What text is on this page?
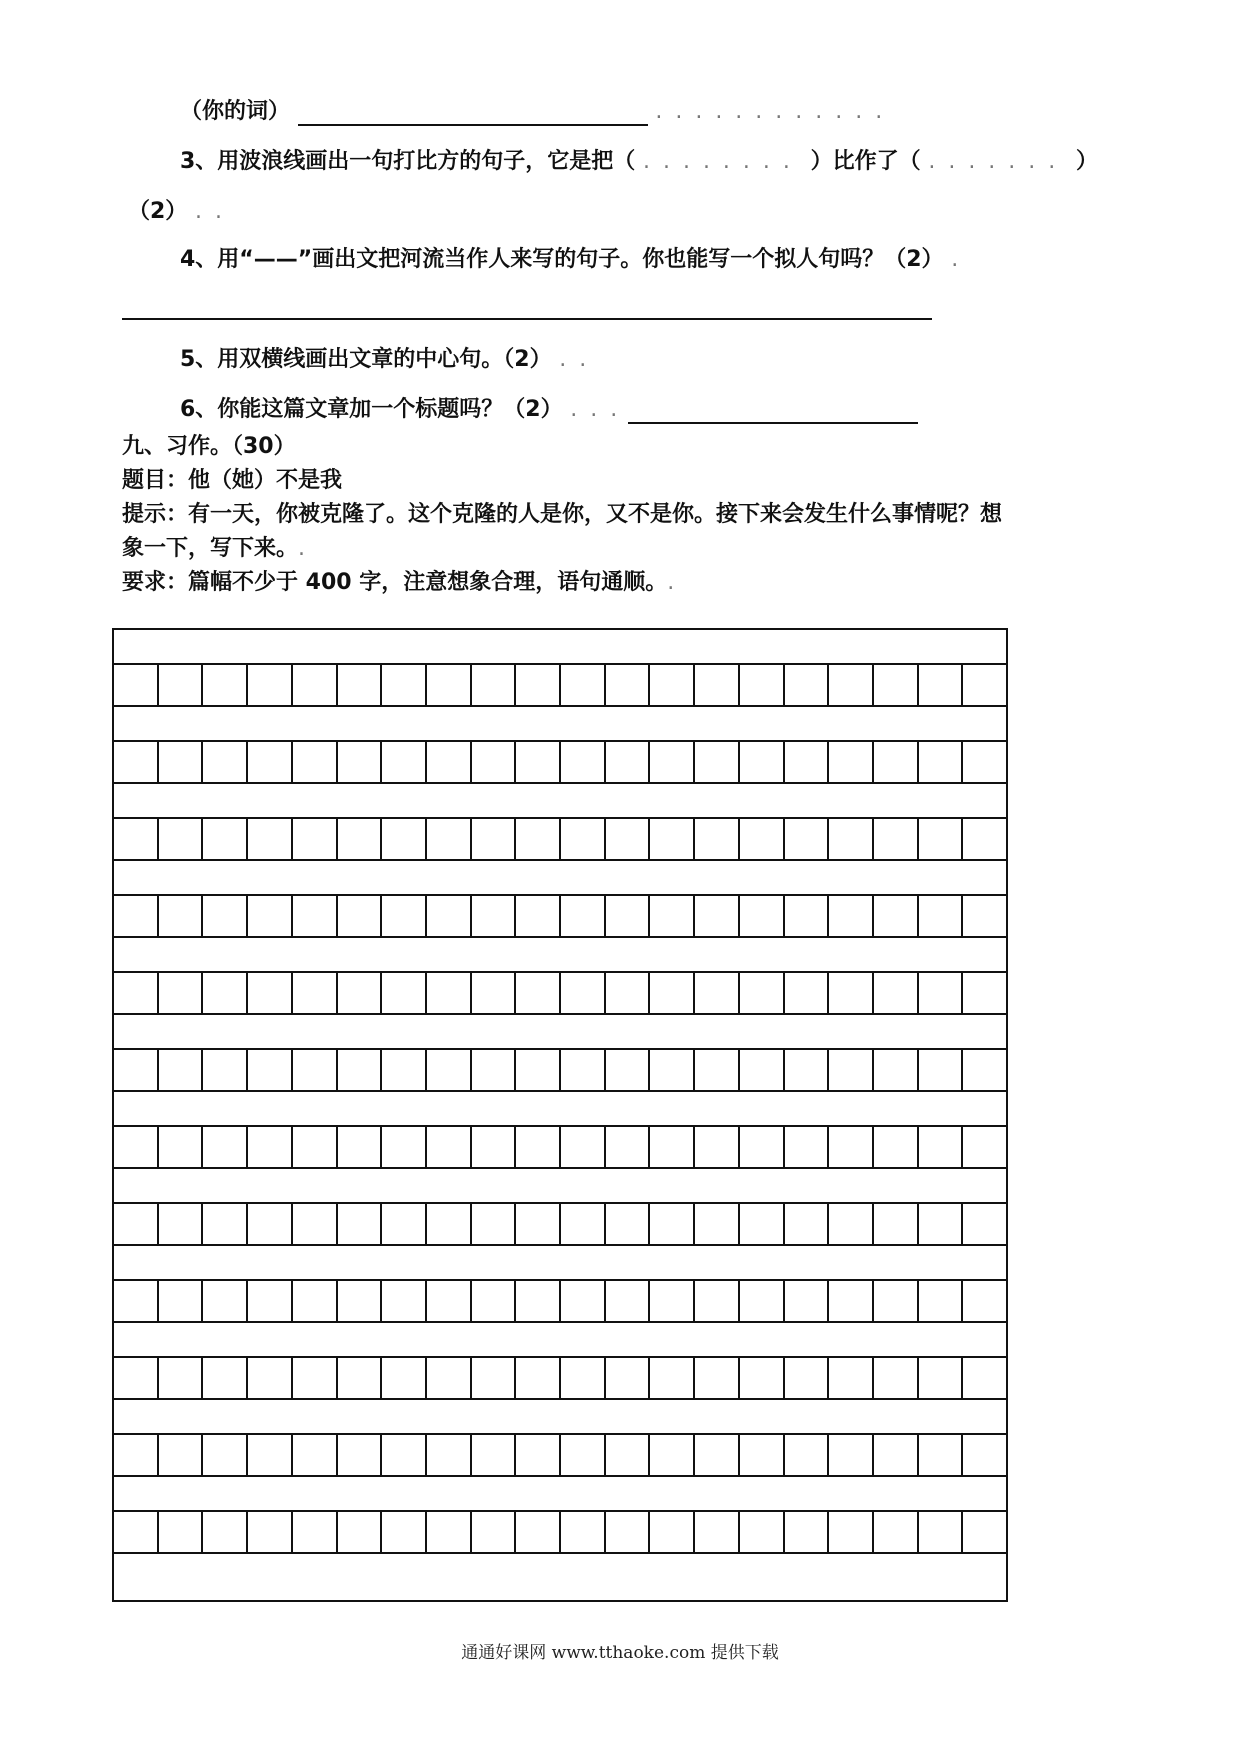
（你的词）	. . . . . . . . . . . .
3、用波浪线画出一句打比方的句子，它是把（ . . . . . . . . ）比作了（ . . . . . . . ）
（2） . .
4、用“——”画出文把河流当作人来写的句子。你也能写一个拟人句吗？（2） .
5、用双横线画出文章的中心句。（2） . .
6、你能这篇文章加一个标题吗？（2） . . .
九、习作。（30）
题目：他（她）不是我
提示：有一天，你被克隆了。这个克隆的人是你，又不是你。接下来会发生什么事情呢？想
象一下，写下来。.
要求：篇幅不少于 400 字，注意想象合理，语句通顺。.
通通好课网 www.tthaoke.com 提供下载
